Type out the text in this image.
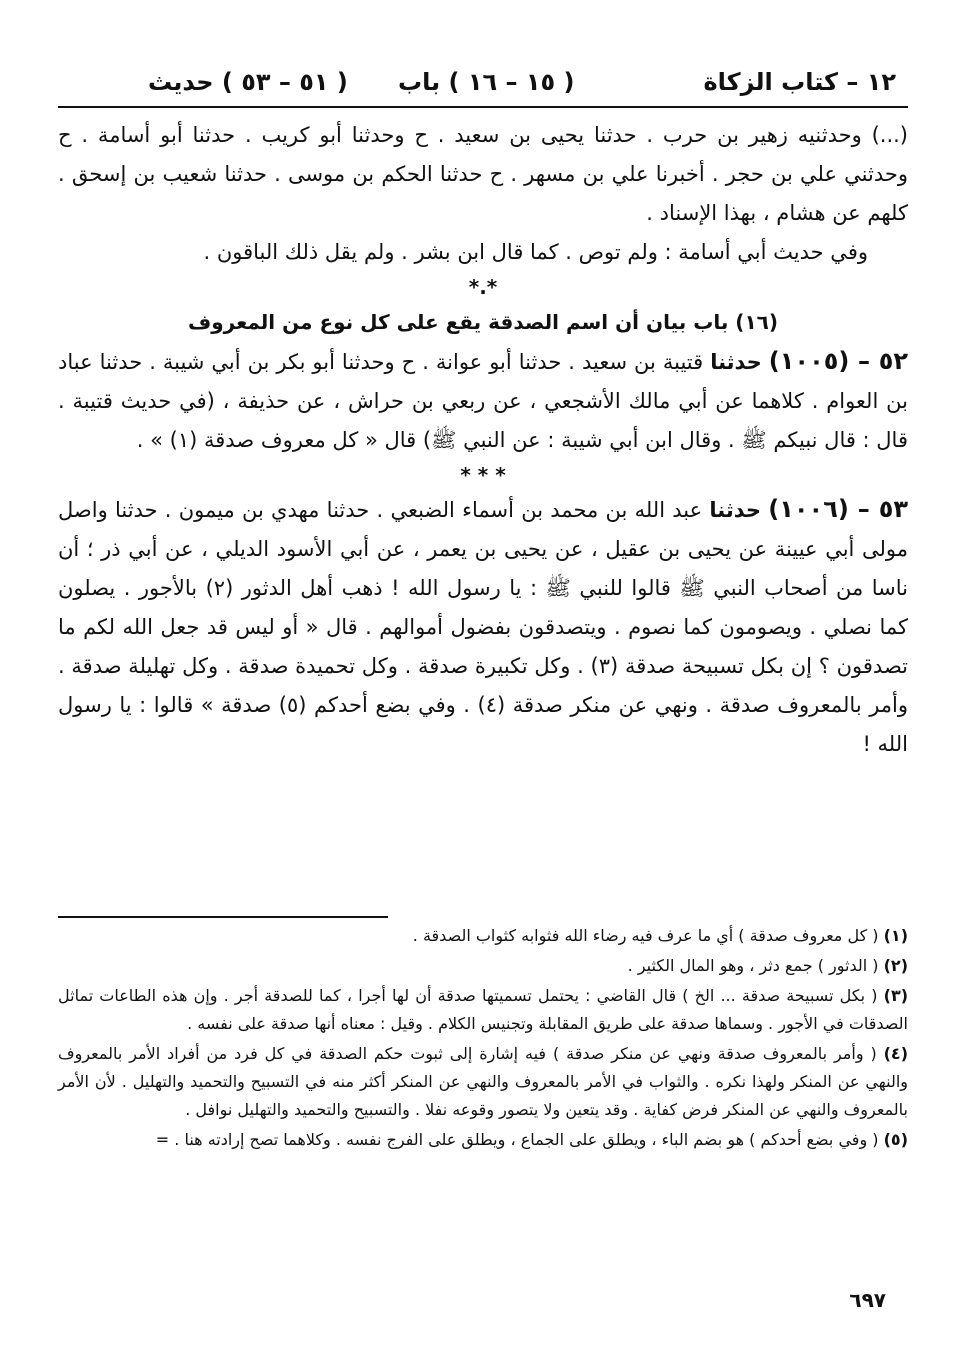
١٢ – كتاب الزكاة
( ١٥ – ١٦ ) باب
( ٥١ – ٥٣ ) حديث

(...) وحدثنيه زهير بن حرب . حدثنا يحيى بن سعيد . ح وحدثنا أبو كريب . حدثنا أبو أسامة . ح وحدثني علي بن حجر . أخبرنا علي بن مسهر . ح حدثنا الحكم بن موسى . حدثنا شعيب بن إسحق . كلهم عن هشام ، بهذا الإسناد .

وفي حديث أبي أسامة : ولم توص . كما قال ابن بشر . ولم يقل ذلك الباقون .

*.*

(١٦) باب بيان أن اسم الصدقة يقع على كل نوع من المعروف

٥٢ – (١٠٠٥) حدثنا قتيبة بن سعيد . حدثنا أبو عوانة . ح وحدثنا أبو بكر بن أبي شيبة . حدثنا عباد بن العوام . كلاهما عن أبي مالك الأشجعي ، عن ربعي بن حراش ، عن حذيفة ، (في حديث قتيبة . قال : قال نبيكم ﷺ . وقال ابن أبي شيبة : عن النبي ﷺ) قال « كل معروف صدقة (١) » .

* * *

٥٣ – (١٠٠٦) حدثنا عبد الله بن محمد بن أسماء الضبعي . حدثنا مهدي بن ميمون . حدثنا واصل مولى أبي عيينة عن يحيى بن عقيل ، عن يحيى بن يعمر ، عن أبي الأسود الديلي ، عن أبي ذر ؛ أن ناسا من أصحاب النبي ﷺ قالوا للنبي ﷺ : يا رسول الله ! ذهب أهل الدثور (٢) بالأجور . يصلون كما نصلي . ويصومون كما نصوم . ويتصدقون بفضول أموالهم . قال « أو ليس قد جعل الله لكم ما تصدقون ؟ إن بكل تسبيحة صدقة (٣) . وكل تكبيرة صدقة . وكل تحميدة صدقة . وكل تهليلة صدقة . وأمر بالمعروف صدقة . ونهي عن منكر صدقة (٤) . وفي بضع أحدكم (٥) صدقة » قالوا : يا رسول الله !

(١) ( كل معروف صدقة ) أي ما عرف فيه رضاء الله فثوابه كثواب الصدقة .

(٢) ( الدثور ) جمع دثر ، وهو المال الكثير .

(٣) ( بكل تسبيحة صدقة ... الخ ) قال القاضي : يحتمل تسميتها صدقة أن لها أجرا ، كما للصدقة أجر . وإن هذه الطاعات تماثل الصدقات في الأجور . وسماها صدقة على طريق المقابلة وتجنيس الكلام . وقيل : معناه أنها صدقة على نفسه .

(٤) ( وأمر بالمعروف صدقة ونهي عن منكر صدقة ) فيه إشارة إلى ثبوت حكم الصدقة في كل فرد من أفراد الأمر بالمعروف والنهي عن المنكر ولهذا نكره . والثواب في الأمر بالمعروف والنهي عن المنكر أكثر منه في التسبيح والتحميد والتهليل . لأن الأمر بالمعروف والنهي عن المنكر فرض كفاية . وقد يتعين ولا يتصور وقوعه نفلا . والتسبيح والتحميد والتهليل نوافل .

(٥) ( وفي بضع أحدكم ) هو بضم الباء ، ويطلق على الجماع ، ويطلق على الفرج نفسه . وكلاهما تصح إرادته هنا . =

٦٩٧
